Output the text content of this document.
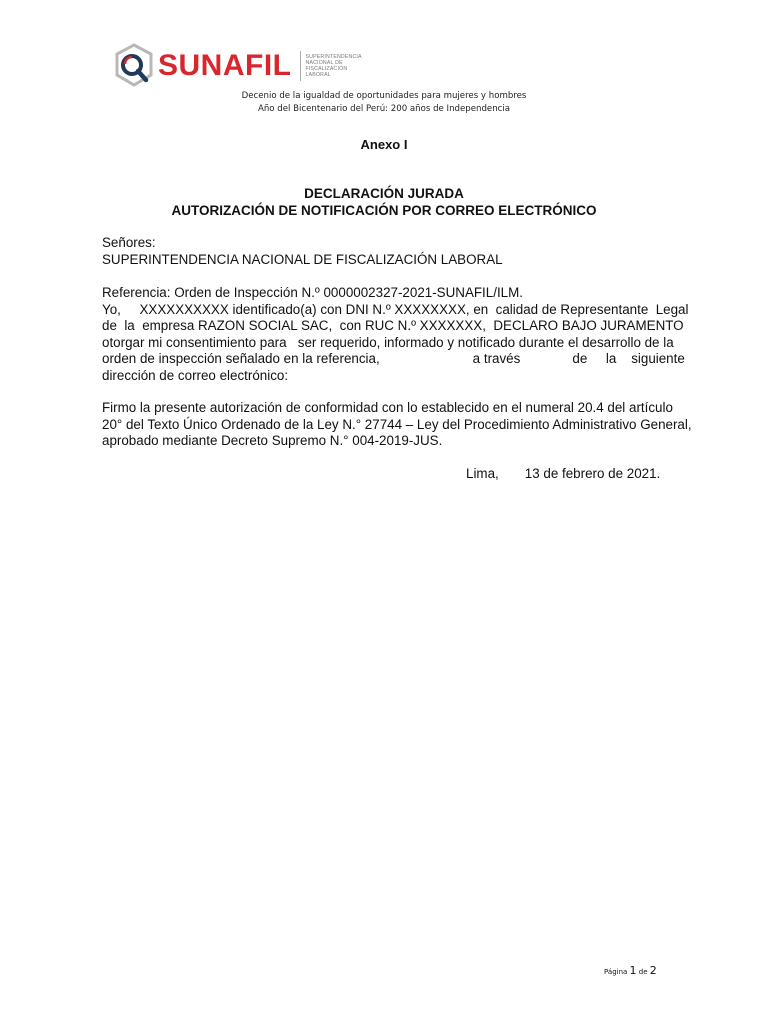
SUNAFIL	SUPERINTENDENCIA
NACIONAL DE
FISCALIZACIÓN
LABORAL
Decenio de la igualdad de oportunidades para mujeres y hombres
Año del Bicentenario del Perú: 200 años de Independencia
Anexo I
DECLARACIÓN JURADA
AUTORIZACIÓN DE NOTIFICACIÓN POR CORREO ELECTRÓNICO
Señores:
SUPERINTENDENCIA NACIONAL DE FISCALIZACIÓN LABORAL
Referencia: Orden de Inspección N.º 0000002327-2021-SUNAFIL/ILM.
Yo,     XXXXXXXXXX identificado(a) con DNI N.º XXXXXXXX, en  calidad de Representante  Legal
de  la  empresa RAZON SOCIAL SAC,  con RUC N.º XXXXXXX,  DECLARO BAJO JURAMENTO
otorgar mi consentimiento para   ser requerido, informado y notificado durante el desarrollo de la
orden de inspección señalado en la referencia,                         a través              de     la    siguiente
dirección de correo electrónico:
Firmo la presente autorización de conformidad con lo establecido en el numeral 20.4 del artículo
20° del Texto Único Ordenado de la Ley N.° 27744 – Ley del Procedimiento Administrativo General,
aprobado mediante Decreto Supremo N.° 004-2019-JUS.
Lima,       13 de febrero de 2021.
Página 1 de 2
